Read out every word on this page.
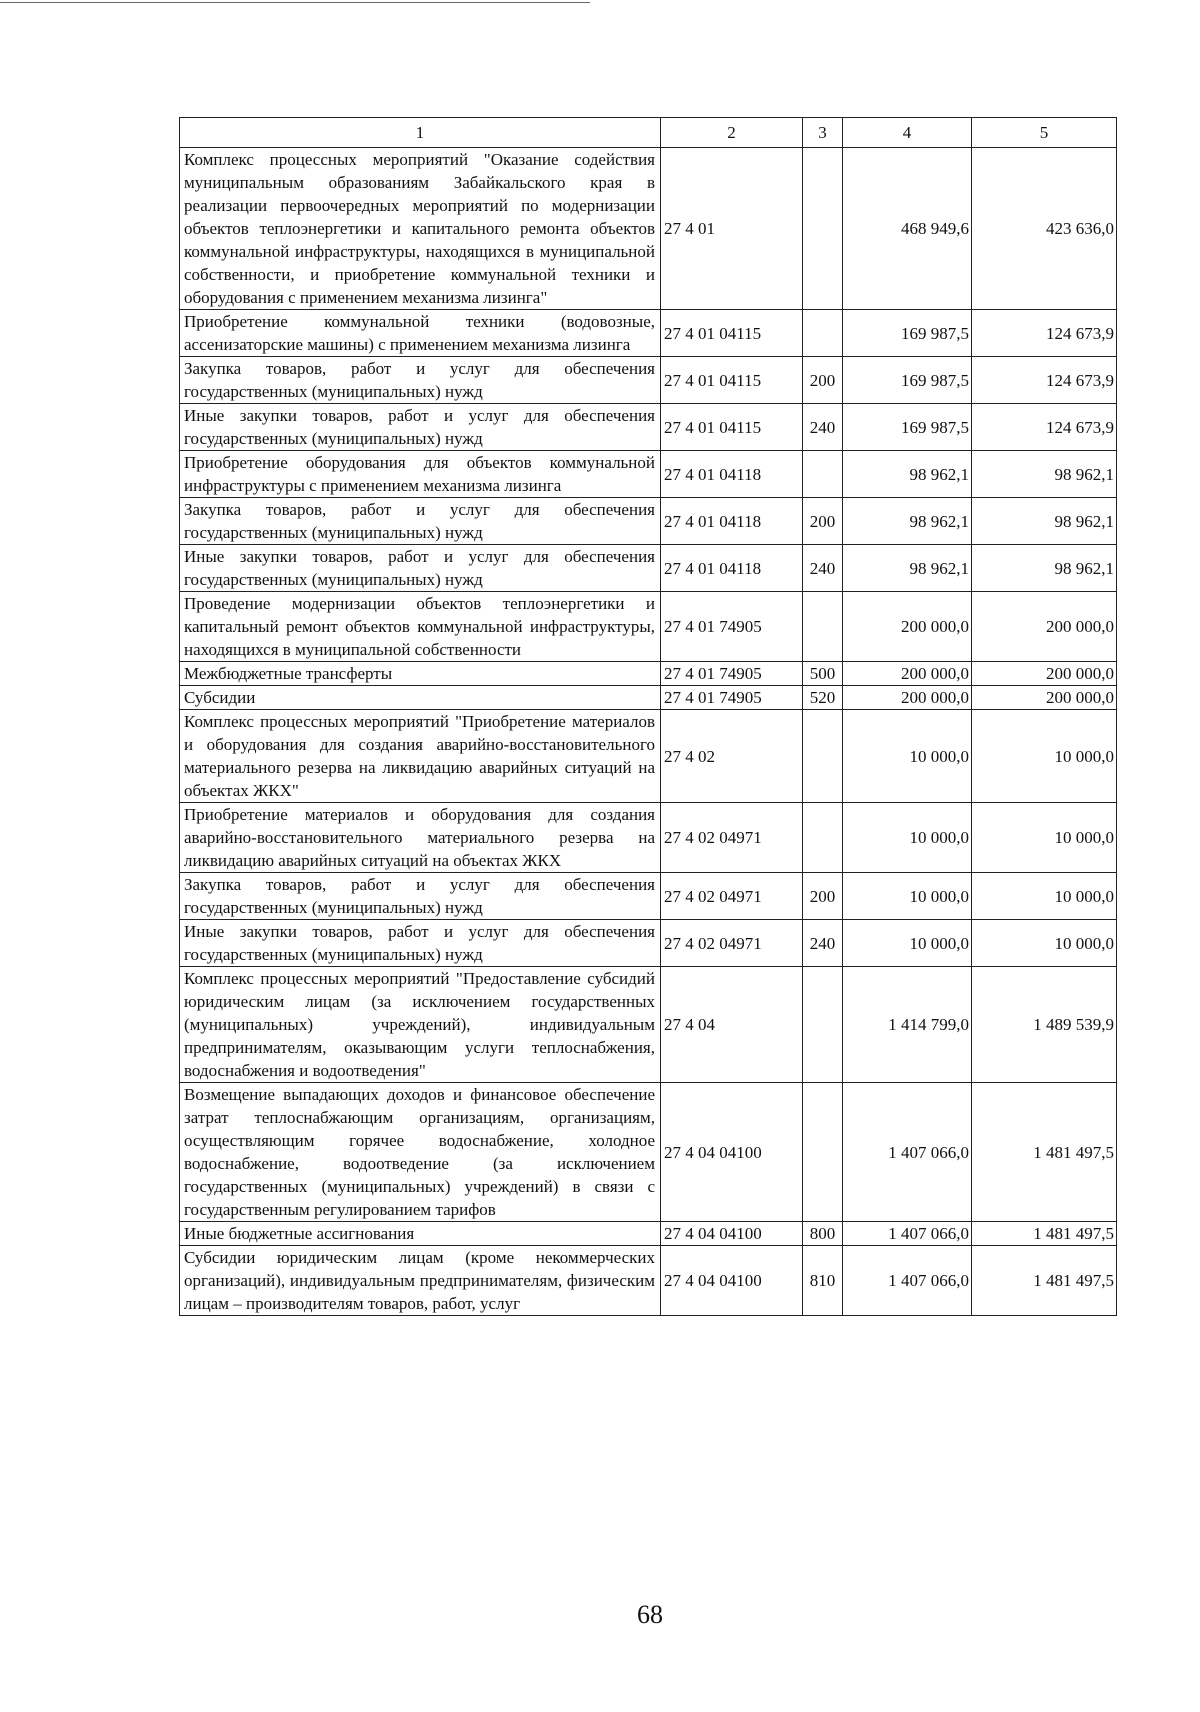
1	2	3	4	5
Комплекс процессных мероприятий "Оказание содействия муниципальным образованиям Забайкальского края в реализации первоочередных мероприятий по модернизации объектов теплоэнергетики и капитального ремонта объектов коммунальной инфраструктуры, находящихся в муниципальной собственности, и приобретение коммунальной техники и оборудования с применением механизма лизинга"	27 4 01		468 949,6	423 636,0
Приобретение коммунальной техники (водовозные, ассенизаторские машины) с применением механизма лизинга	27 4 01 04115		169 987,5	124 673,9
Закупка товаров, работ и услуг для обеспечения государственных (муниципальных) нужд	27 4 01 04115	200	169 987,5	124 673,9
Иные закупки товаров, работ и услуг для обеспечения государственных (муниципальных) нужд	27 4 01 04115	240	169 987,5	124 673,9
Приобретение оборудования для объектов коммунальной инфраструктуры с применением механизма лизинга	27 4 01 04118		98 962,1	98 962,1
Закупка товаров, работ и услуг для обеспечения государственных (муниципальных) нужд	27 4 01 04118	200	98 962,1	98 962,1
Иные закупки товаров, работ и услуг для обеспечения государственных (муниципальных) нужд	27 4 01 04118	240	98 962,1	98 962,1
Проведение модернизации объектов теплоэнергетики и капитальный ремонт объектов коммунальной инфраструктуры, находящихся в муниципальной собственности	27 4 01 74905		200 000,0	200 000,0
Межбюджетные трансферты	27 4 01 74905	500	200 000,0	200 000,0
Субсидии	27 4 01 74905	520	200 000,0	200 000,0
Комплекс процессных мероприятий "Приобретение материалов и оборудования для создания аварийно-восстановительного материального резерва на ликвидацию аварийных ситуаций на объектах ЖКХ"	27 4 02		10 000,0	10 000,0
Приобретение материалов и оборудования для создания аварийно-восстановительного материального резерва на ликвидацию аварийных ситуаций на объектах ЖКХ	27 4 02 04971		10 000,0	10 000,0
Закупка товаров, работ и услуг для обеспечения государственных (муниципальных) нужд	27 4 02 04971	200	10 000,0	10 000,0
Иные закупки товаров, работ и услуг для обеспечения государственных (муниципальных) нужд	27 4 02 04971	240	10 000,0	10 000,0
Комплекс процессных мероприятий "Предоставление субсидий юридическим лицам (за исключением государственных (муниципальных) учреждений), индивидуальным предпринимателям, оказывающим услуги теплоснабжения, водоснабжения и водоотведения"	27 4 04		1 414 799,0	1 489 539,9
Возмещение выпадающих доходов и финансовое обеспечение затрат теплоснабжающим организациям, организациям, осуществляющим горячее водоснабжение, холодное водоснабжение, водоотведение (за исключением государственных (муниципальных) учреждений) в связи с государственным регулированием тарифов	27 4 04 04100		1 407 066,0	1 481 497,5
Иные бюджетные ассигнования	27 4 04 04100	800	1 407 066,0	1 481 497,5
Субсидии юридическим лицам (кроме некоммерческих организаций), индивидуальным предпринимателям, физическим лицам – производителям товаров, работ, услуг	27 4 04 04100	810	1 407 066,0	1 481 497,5
68
